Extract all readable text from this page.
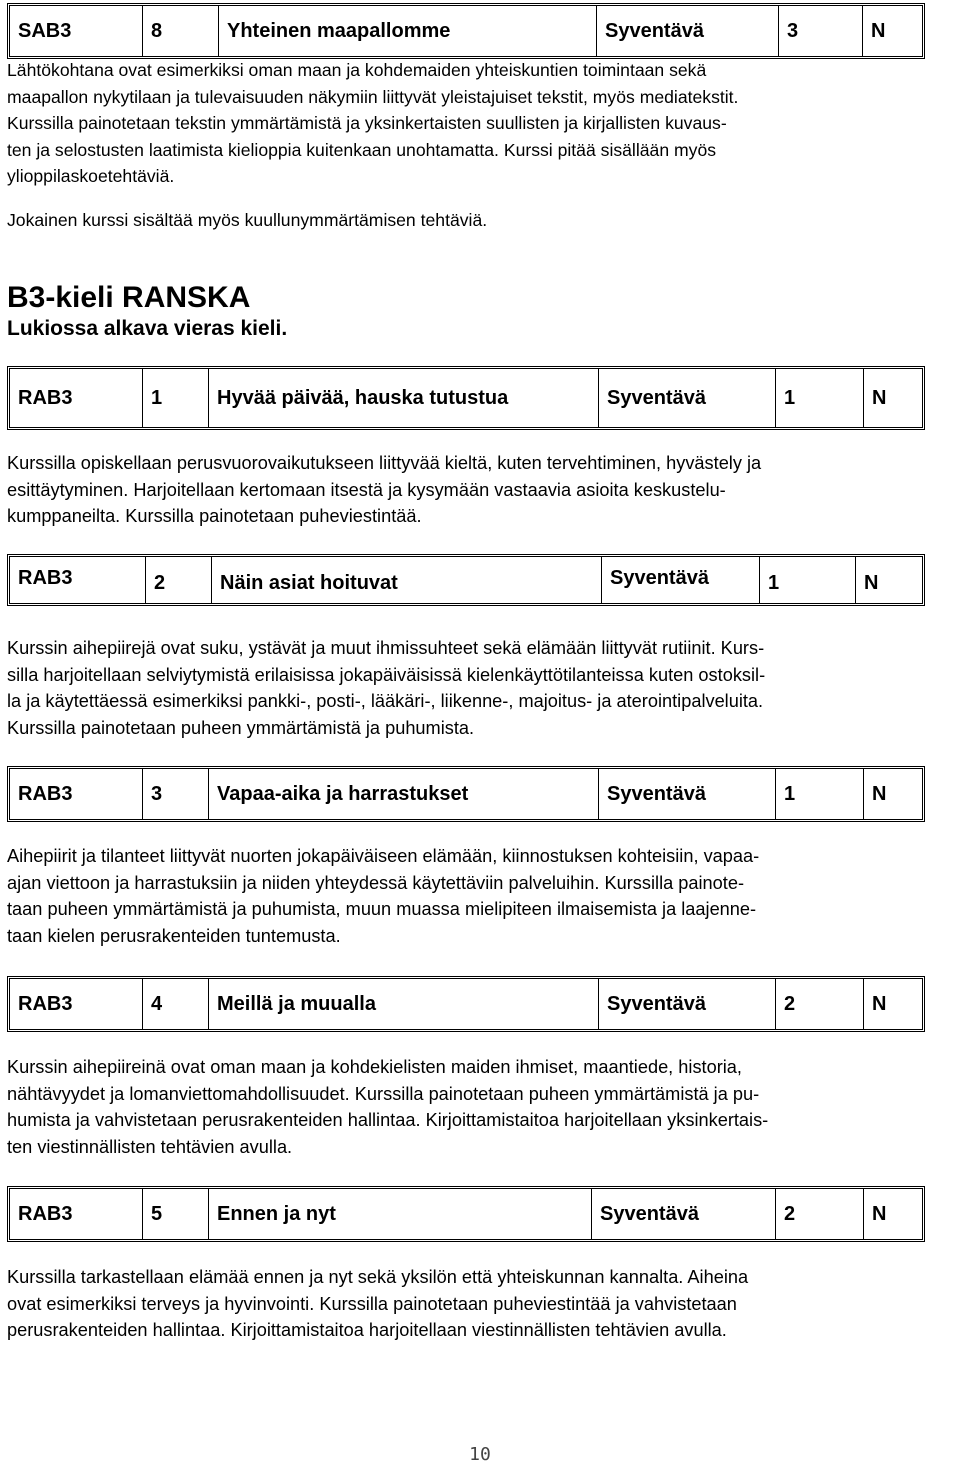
SAB3	8	Yhteinen maapallomme	Syventävä	3	N

Lähtökohtana ovat esimerkiksi oman maan ja kohdemaiden yhteiskuntien toimintaan sekä
maapallon nykytilaan ja tulevaisuuden näkymiin liittyvät yleistajuiset tekstit, myös mediatekstit.
Kurssilla painotetaan tekstin ymmärtämistä ja yksinkertaisten suullisten ja kirjallisten kuvaus-
ten ja selostusten laatimista kielioppia kuitenkaan unohtamatta. Kurssi pitää sisällään myös
ylioppilaskoetehtäviä.

Jokainen kurssi sisältää myös kuullunymmärtämisen tehtäviä.

B3-kieli RANSKA
Lukiossa alkava vieras kieli.
RAB3	1	Hyvää päivää, hauska tutustua	Syventävä	1	N

Kurssilla opiskellaan perusvuorovaikutukseen liittyvää kieltä, kuten tervehtiminen, hyvästely ja
esittäytyminen. Harjoitellaan kertomaan itsestä ja kysymään vastaavia asioita keskustelu-
kumppaneilta. Kurssilla painotetaan puheviestintää.

RAB3	2	Näin asiat hoituvat	Syventävä	1	N

Kurssin aihepiirejä ovat suku, ystävät ja muut ihmissuhteet sekä elämään liittyvät rutiinit. Kurs-
silla harjoitellaan selviytymistä erilaisissa jokapäiväisissä kielenkäyttötilanteissa kuten ostoksil-
la ja käytettäessä esimerkiksi pankki-, posti-, lääkäri-, liikenne-, majoitus- ja aterointipalveluita.
Kurssilla painotetaan puheen ymmärtämistä ja puhumista.

RAB3	3	Vapaa-aika ja harrastukset	Syventävä	1	N

Aihepiirit ja tilanteet liittyvät nuorten jokapäiväiseen elämään, kiinnostuksen kohteisiin, vapaa-
ajan viettoon ja harrastuksiin ja niiden yhteydessä käytettäviin palveluihin. Kurssilla painote-
taan puheen ymmärtämistä ja puhumista, muun muassa mielipiteen ilmaisemista ja laajenne-
taan kielen perusrakenteiden tuntemusta.

RAB3	4	Meillä ja muualla	Syventävä	2	N

Kurssin aihepiireinä ovat oman maan ja kohdekielisten maiden ihmiset, maantiede, historia,
nähtävyydet ja lomanviettomahdollisuudet. Kurssilla painotetaan puheen ymmärtämistä ja pu-
humista ja vahvistetaan perusrakenteiden hallintaa. Kirjoittamistaitoa harjoitellaan yksinkertais-
ten viestinnällisten tehtävien avulla.

RAB3	5	Ennen ja nyt	Syventävä	2	N

Kurssilla tarkastellaan elämää ennen ja nyt sekä yksilön että yhteiskunnan kannalta. Aiheina
ovat esimerkiksi terveys ja hyvinvointi. Kurssilla painotetaan puheviestintää ja vahvistetaan
perusrakenteiden hallintaa. Kirjoittamistaitoa harjoitellaan viestinnällisten tehtävien avulla.

10
